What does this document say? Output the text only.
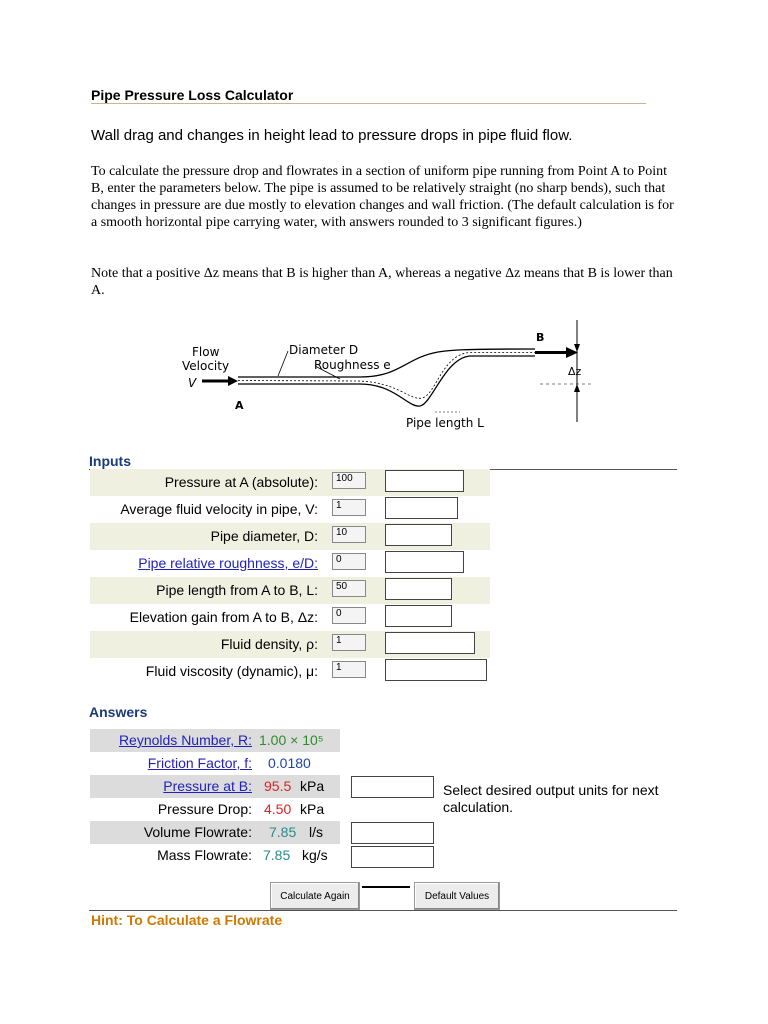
Pipe Pressure Loss Calculator
Wall drag and changes in height lead to pressure drops in pipe fluid flow.
To calculate the pressure drop and flowrates in a section of uniform pipe running from Point A to Point B, enter the parameters below. The pipe is assumed to be relatively straight (no sharp bends), such that changes in pressure are due mostly to elevation changes and wall friction. (The default calculation is for a smooth horizontal pipe carrying water, with answers rounded to 3 significant figures.)
Note that a positive Δz means that B is higher than A, whereas a negative Δz means that B is lower than A.
Flow
Velocity
V
A
B
Diameter D
Roughness e	Δz
Pipe length L
Inputs
Pressure at A (absolute):	100
Average fluid velocity in pipe, V:	1
Pipe diameter, D:	10
Pipe relative roughness, e/D:	0
Pipe length from A to B, L:	50
Elevation gain from A to B, Δz:	0
Fluid density, ρ:	1
Fluid viscosity (dynamic), μ:	1
Answers
Reynolds Number, R: 1.00 × 10⁵
Friction Factor, f: 0.0180
Pressure at B: 95.5 kPa
Pressure Drop: 4.50 kPa
Volume Flowrate: 7.85 l/s
Mass Flowrate: 7.85 kg/s
Select desired output units for next calculation.
Calculate Again	Default Values
Hint: To Calculate a Flowrate
